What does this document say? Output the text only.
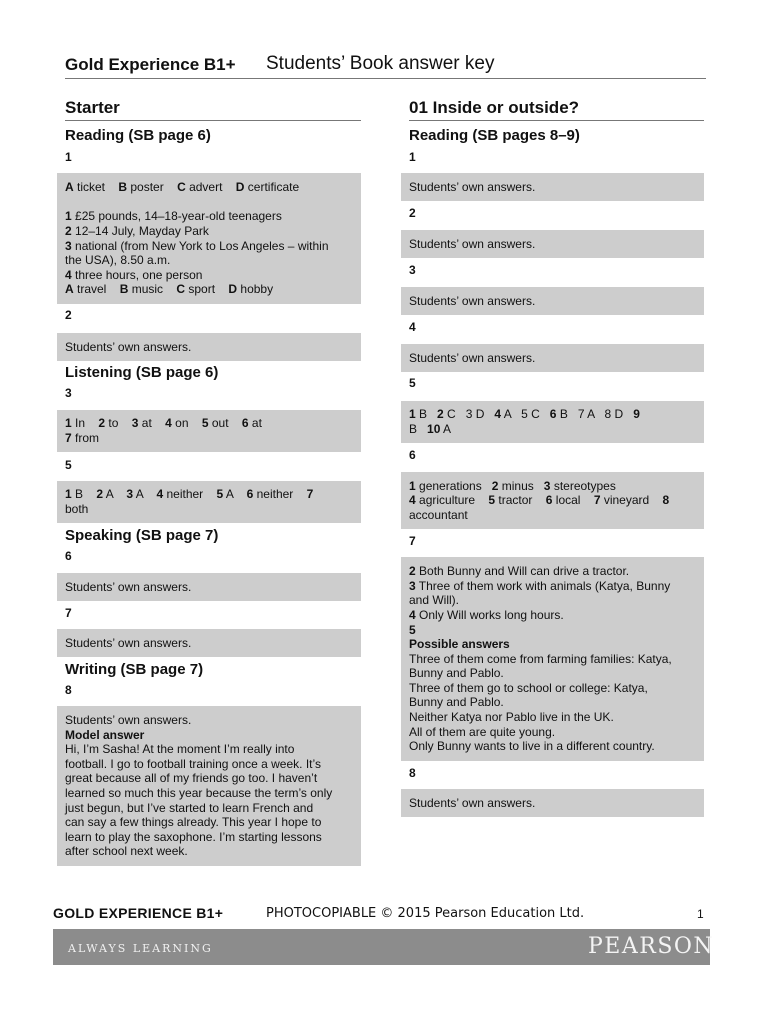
Gold Experience B1+ Students’ Book answer key
Starter
Reading (SB page 6)
1
A ticket    B poster    C advert    D certificate

1 £25 pounds, 14–18-year-old teenagers
2 12–14 July, Mayday Park
3 national (from New York to Los Angeles – within
the USA), 8.50 a.m.
4 three hours, one person
A travel    B music    C sport    D hobby
2
Students’ own answers.
Listening (SB page 6)
3
1 In    2 to    3 at    4 on    5 out    6 at
7 from
5
1 B    2 A    3 A    4 neither    5 A    6 neither    7
both
Speaking (SB page 7)
6
Students’ own answers.
7
Students’ own answers.
Writing (SB page 7)
8
Students’ own answers.
Model answer
Hi, I’m Sasha! At the moment I’m really into
football. I go to football training once a week. It’s
great because all of my friends go too. I haven’t
learned so much this year because the term’s only
just begun, but I’ve started to learn French and
can say a few things already. This year I hope to
learn to play the saxophone. I’m starting lessons
after school next week.
01 Inside or outside?
Reading (SB pages 8–9)
1
Students’ own answers.
2
Students’ own answers.
3
Students’ own answers.
4
Students’ own answers.
5
1 B   2 C   3 D   4 A   5 C   6 B   7 A   8 D   9
B   10 A
6
1 generations   2 minus   3 stereotypes
4 agriculture    5 tractor    6 local    7 vineyard    8
accountant
7
2 Both Bunny and Will can drive a tractor.
3 Three of them work with animals (Katya, Bunny
and Will).
4 Only Will works long hours.
5
Possible answers
Three of them come from farming families: Katya,
Bunny and Pablo.
Three of them go to school or college: Katya,
Bunny and Pablo.
Neither Katya nor Pablo live in the UK.
All of them are quite young.
Only Bunny wants to live in a different country.
8
Students’ own answers.
GOLD EXPERIENCE B1+	PHOTOCOPIABLE © 2015 Pearson Education Ltd.	1
ALWAYS LEARNING	PEARSON
